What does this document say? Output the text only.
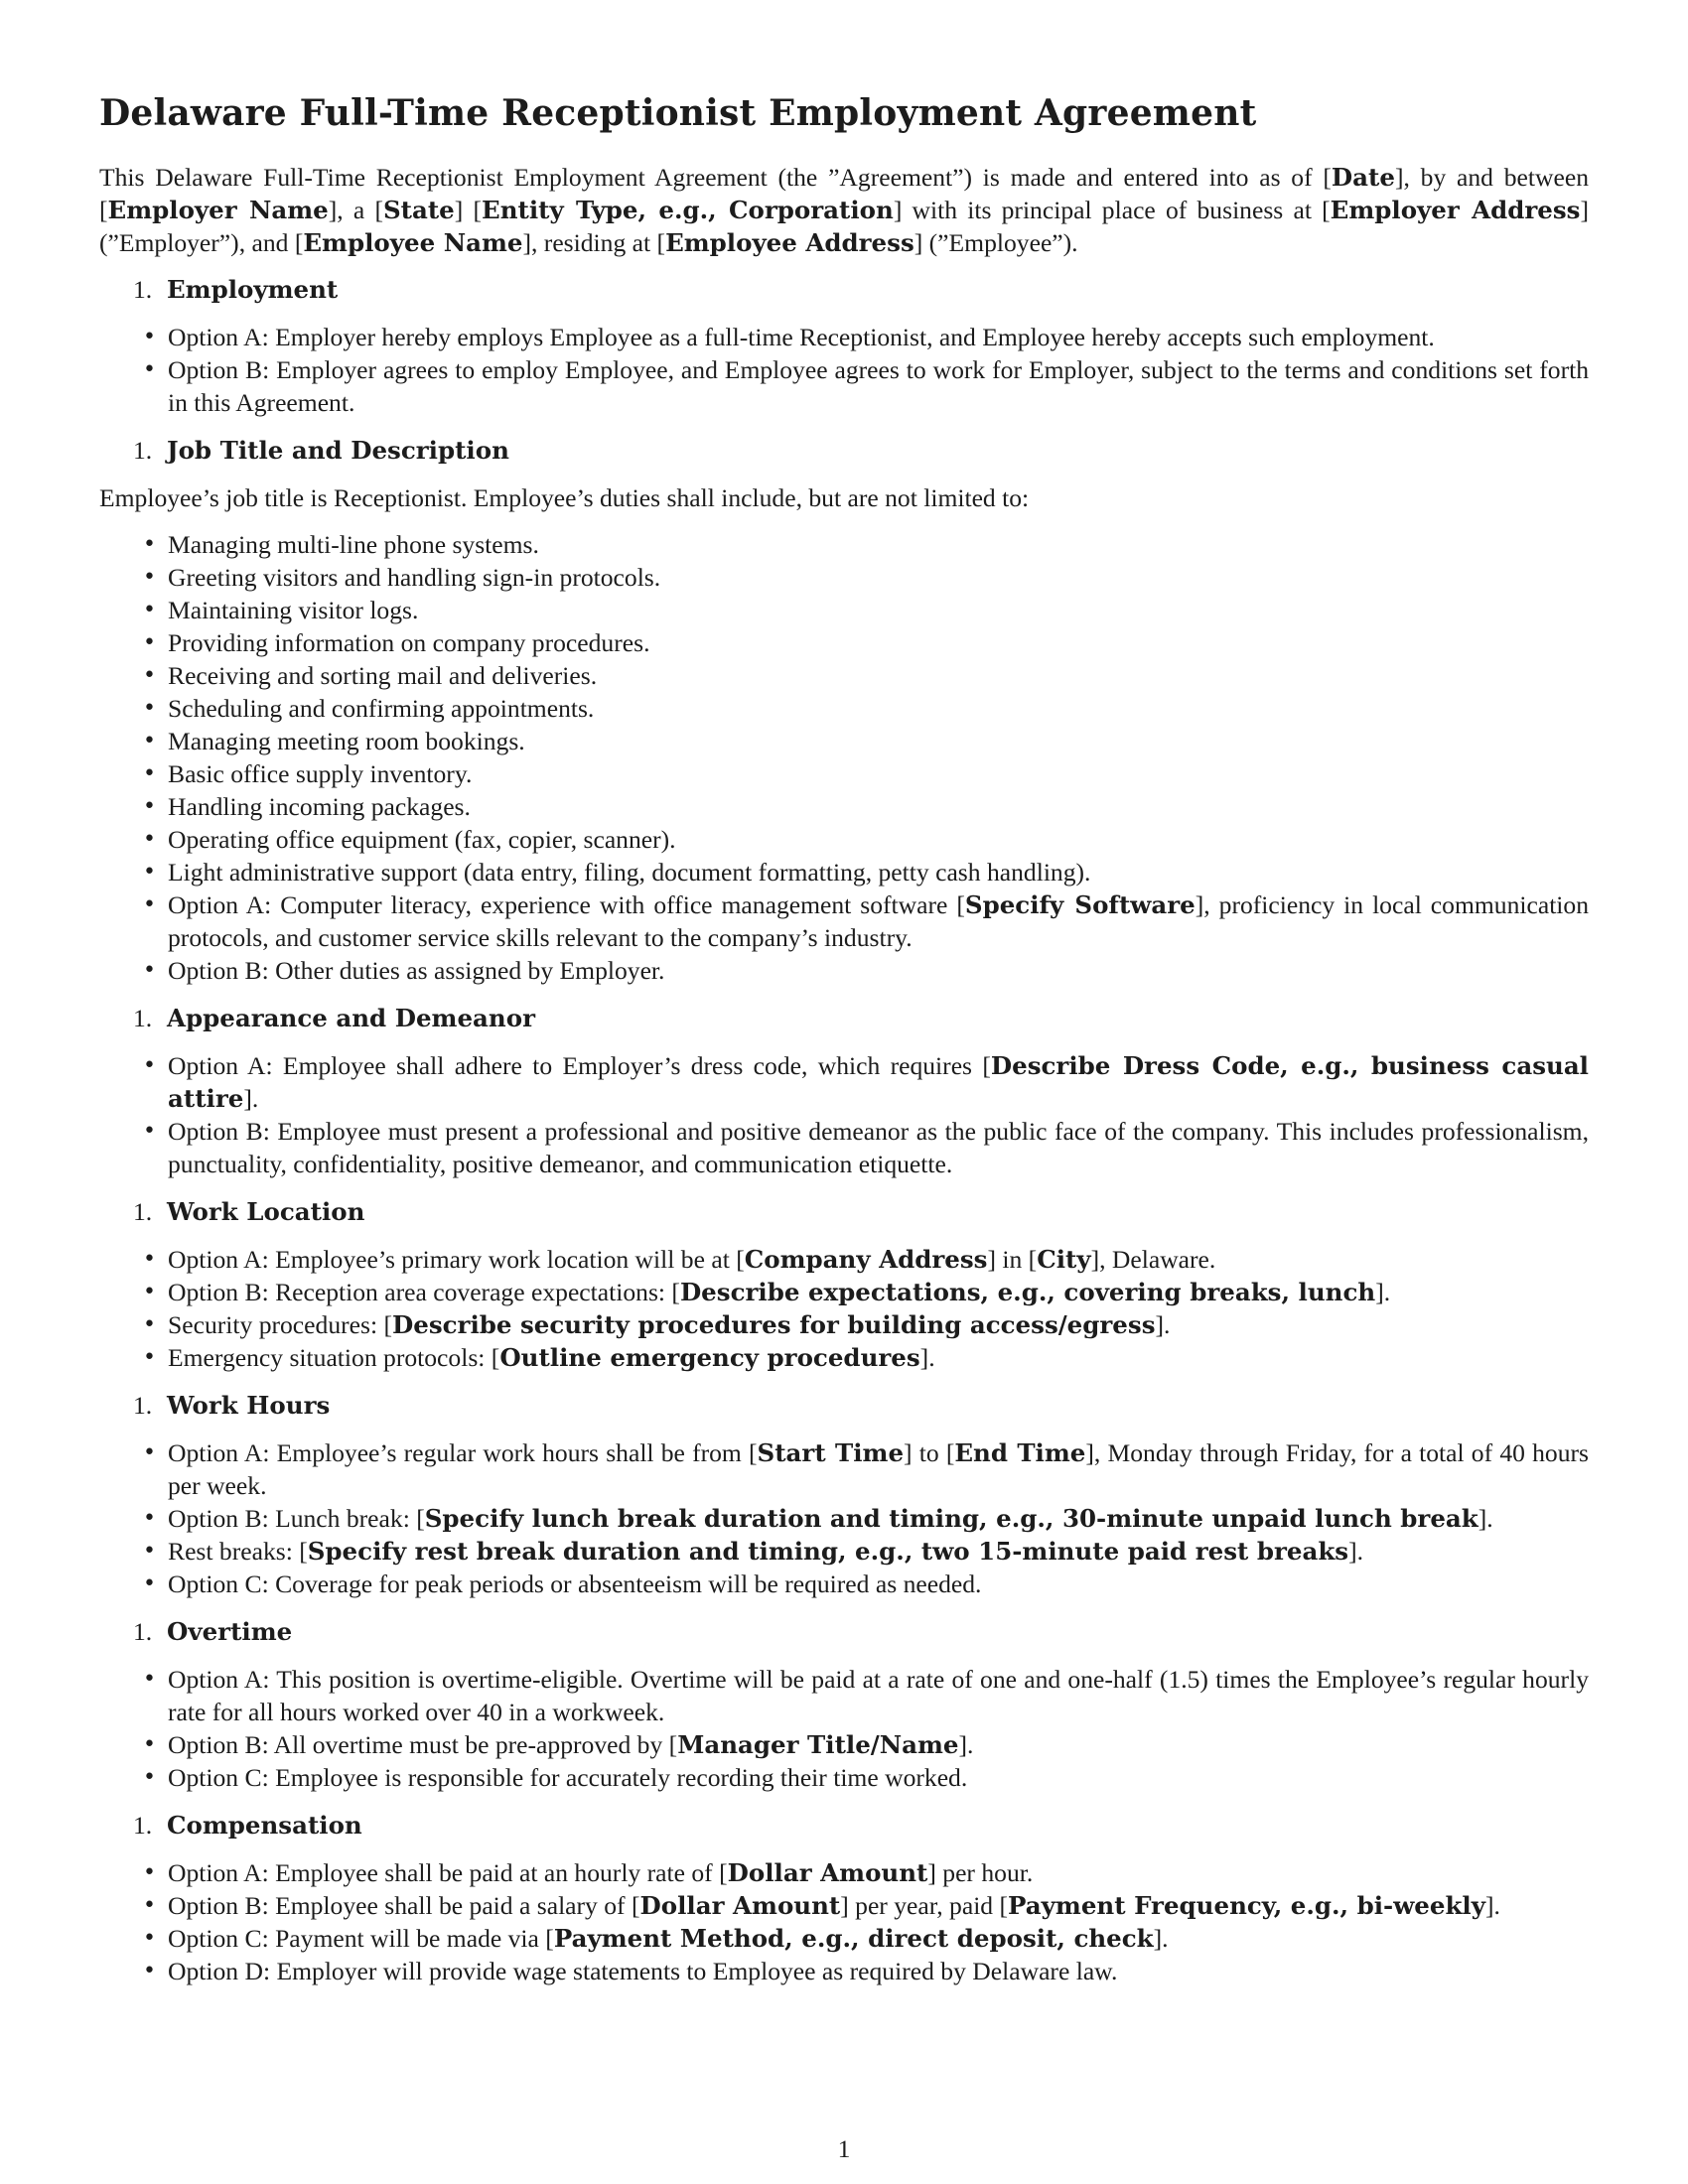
Delaware Full-Time Receptionist Employment Agreement

This Delaware Full-Time Receptionist Employment Agreement (the ”Agreement”) is made and entered into as of [Date], by and between [Employer Name], a [State] [Entity Type, e.g., Corporation] with its principal place of business at [Employer Address] (”Employer”), and [Employee Name], residing at [Employee Address] (”Employee”).

1. Employment
• Option A: Employer hereby employs Employee as a full-time Receptionist, and Employee hereby accepts such employment.
• Option B: Employer agrees to employ Employee, and Employee agrees to work for Employer, subject to the terms and conditions set forth in this Agreement.
1. Job Title and Description

Employee’s job title is Receptionist. Employee’s duties shall include, but are not limited to:

• Managing multi-line phone systems.
• Greeting visitors and handling sign-in protocols.
• Maintaining visitor logs.
• Providing information on company procedures.
• Receiving and sorting mail and deliveries.
• Scheduling and confirming appointments.
• Managing meeting room bookings.
• Basic office supply inventory.
• Handling incoming packages.
• Operating office equipment (fax, copier, scanner).
• Light administrative support (data entry, filing, document formatting, petty cash handling).
• Option A: Computer literacy, experience with office management software [Specify Software], proficiency in local communication protocols, and customer service skills relevant to the company’s industry.
• Option B: Other duties as assigned by Employer.
1. Appearance and Demeanor
• Option A: Employee shall adhere to Employer’s dress code, which requires [Describe Dress Code, e.g., business casual attire].
• Option B: Employee must present a professional and positive demeanor as the public face of the company. This includes professionalism, punctuality, confidentiality, positive demeanor, and communication etiquette.
1. Work Location
• Option A: Employee’s primary work location will be at [Company Address] in [City], Delaware.
• Option B: Reception area coverage expectations: [Describe expectations, e.g., covering breaks, lunch].
• Security procedures: [Describe security procedures for building access/egress].
• Emergency situation protocols: [Outline emergency procedures].
1. Work Hours
• Option A: Employee’s regular work hours shall be from [Start Time] to [End Time], Monday through Friday, for a total of 40 hours per week.
• Option B: Lunch break: [Specify lunch break duration and timing, e.g., 30-minute unpaid lunch break].
• Rest breaks: [Specify rest break duration and timing, e.g., two 15-minute paid rest breaks].
• Option C: Coverage for peak periods or absenteeism will be required as needed.
1. Overtime
• Option A: This position is overtime-eligible. Overtime will be paid at a rate of one and one-half (1.5) times the Employee’s regular hourly rate for all hours worked over 40 in a workweek.
• Option B: All overtime must be pre-approved by [Manager Title/Name].
• Option C: Employee is responsible for accurately recording their time worked.
1. Compensation
• Option A: Employee shall be paid at an hourly rate of [Dollar Amount] per hour.
• Option B: Employee shall be paid a salary of [Dollar Amount] per year, paid [Payment Frequency, e.g., bi-weekly].
• Option C: Payment will be made via [Payment Method, e.g., direct deposit, check].
• Option D: Employer will provide wage statements to Employee as required by Delaware law.
1
